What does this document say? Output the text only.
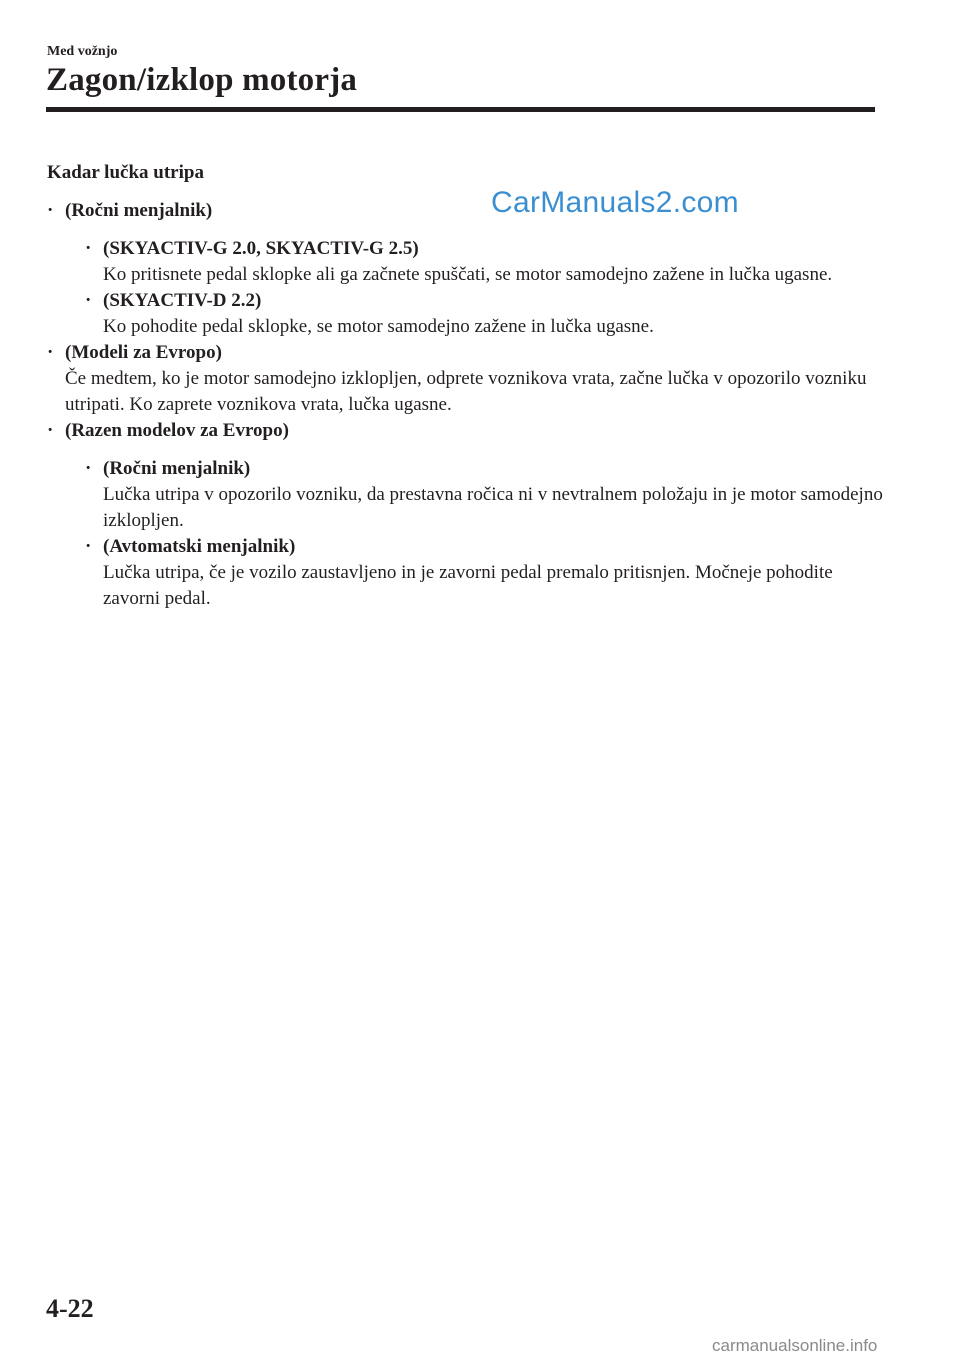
Med vožnjo
Zagon/izklop motorja
CarManuals2.com
Kadar lučka utripa
· (Ročni menjalnik)
· (SKYACTIV-G 2.0, SKYACTIV-G 2.5)

Ko pritisnete pedal sklopke ali ga začnete spuščati, se motor samodejno zažene in lučka ugasne.

· (SKYACTIV-D 2.2)

Ko pohodite pedal sklopke, se motor samodejno zažene in lučka ugasne.

· (Modeli za Evropo)

Če medtem, ko je motor samodejno izklopljen, odprete voznikova vrata, začne lučka v opozorilo vozniku utripati. Ko zaprete voznikova vrata, lučka ugasne.

· (Razen modelov za Evropo)
· (Ročni menjalnik)

Lučka utripa v opozorilo vozniku, da prestavna ročica ni v nevtralnem položaju in je motor samodejno izklopljen.

· (Avtomatski menjalnik)

Lučka utripa, če je vozilo zaustavljeno in je zavorni pedal premalo pritisnjen. Močneje pohodite zavorni pedal.

4-22
carmanualsonline.info
